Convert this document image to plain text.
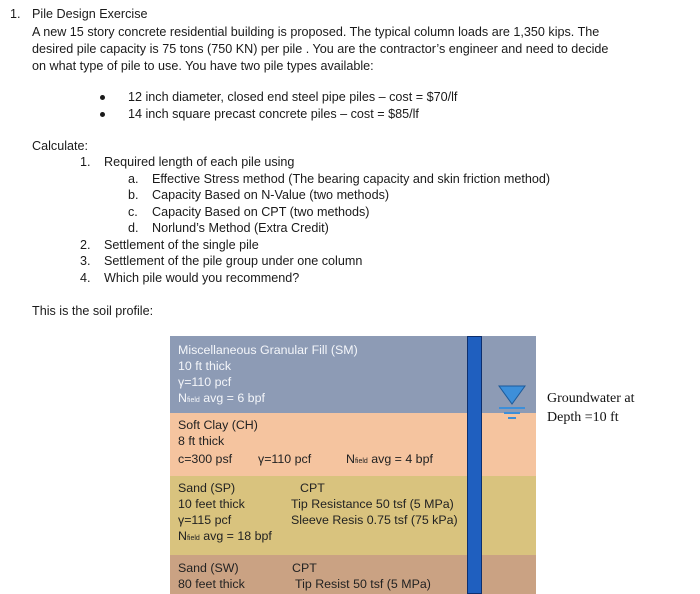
1. Pile Design Exercise
A new 15 story concrete residential building is proposed. The typical column loads are 1,350 kips. The desired pile capacity is 75 tons (750 KN) per pile . You are the contractor’s engineer and need to decide on what type of pile to use. You have two pile types available:
12 inch diameter, closed end steel pipe piles – cost = $70/lf
14 inch square precast concrete piles – cost = $85/lf
Calculate:
1. Required length of each pile using
a. Effective Stress method (The bearing capacity and skin friction method)
b. Capacity Based on N-Value (two methods)
c. Capacity Based on CPT (two methods)
d. Norlund’s Method (Extra Credit)
2. Settlement of the single pile
3. Settlement of the pile group under one column
4. Which pile would you recommend?
This is the soil profile:
Miscellaneous Granular Fill (SM)
10 ft thick
γ=110 pcf
Nfield avg = 6 bpf
Soft Clay (CH)
8 ft thick
c=300 psf γ=110 pcf	Nfield avg = 4 bpf
Sand (SP)
10 feet thick
γ=115 pcf
Nfield avg = 18 bpf
CPT
Tip Resistance 50 tsf (5 MPa)
Sleeve Resis 0.75 tsf (75 kPa)
Sand (SW)
80 feet thick
CPT
Tip Resist 50 tsf (5 MPa)
Groundwater at
Depth =10 ft
